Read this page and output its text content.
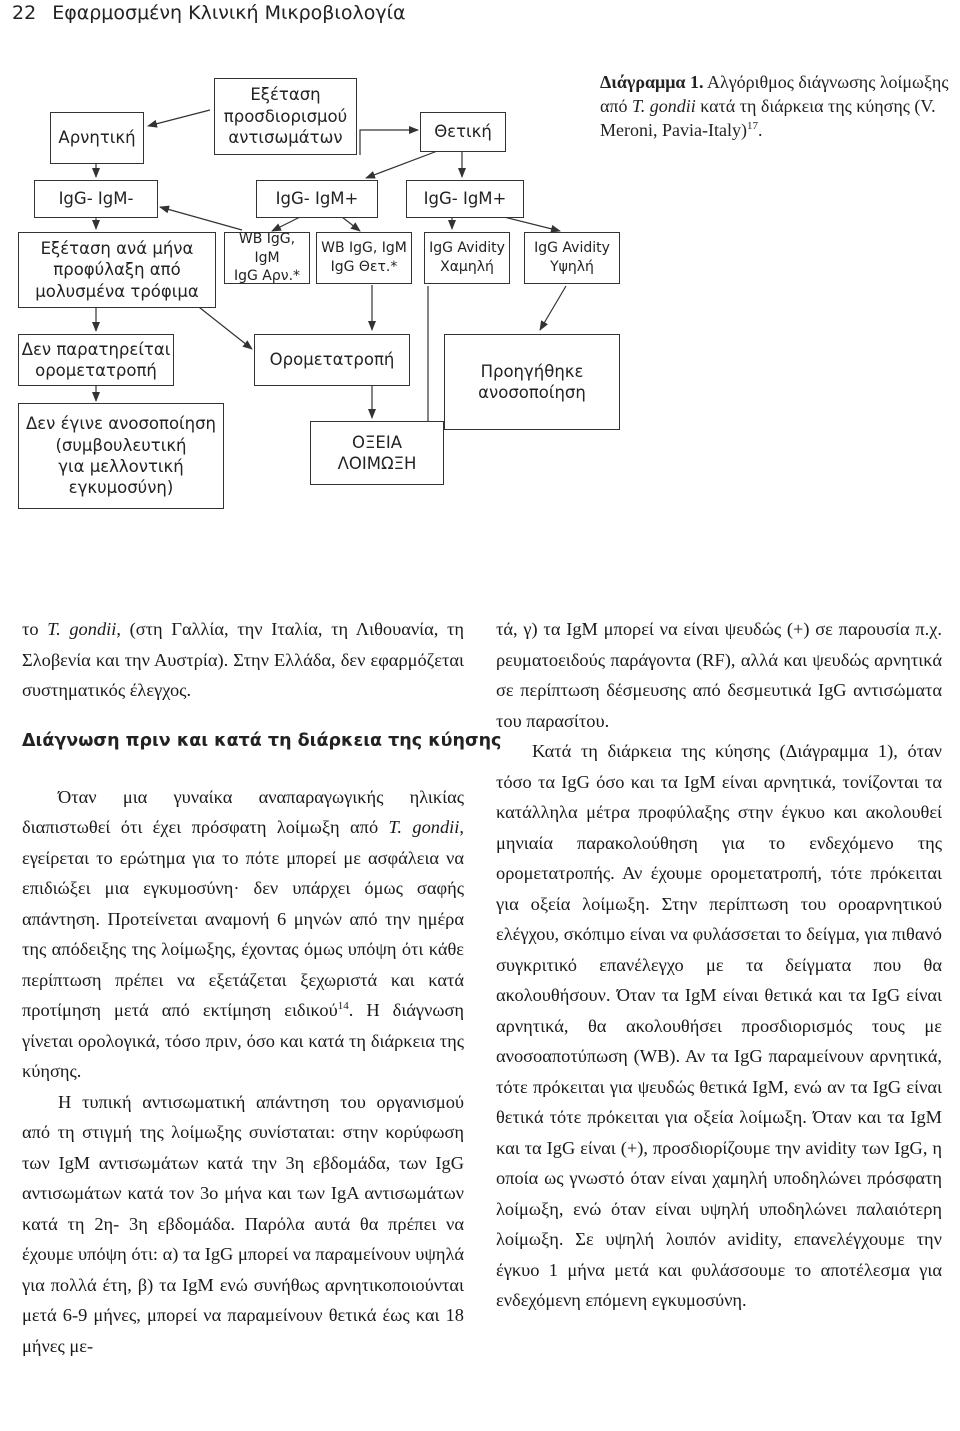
22 Εφαρμοσμένη Κλινική Μικροβιολογία
Αρνητική
Εξέταση
προσδιορισμού
αντισωμάτων	Θετική
IgG- IgM-	IgG- IgM+	IgG- IgM+
Εξέταση ανά μήνα
προφύλαξη από
μολυσμένα τρόφιμα
WB IgG, IgM
IgG Αρν.*
WB IgG, IgM
IgG Θετ.*
IgG Avidity
Χαμηλή
IgG Avidity
Υψηλή
Δεν παρατηρείται
ορομετατροπή
Ορομετατροπή
Προηγήθηκε
ανοσοποίηση
Δεν έγινε ανοσοποίηση
(συμβουλευτική
για μελλοντική
εγκυμοσύνη)
ΟΞΕΙΑ
ΛΟΙΜΩΞΗ
Διάγραμμα 1. Αλγόριθμος διάγνωσης λοίμωξης από T. gondii κατά τη διάρκεια της κύησης (V. Meroni, Pavia-Italy)$^{17}$.

το T. gondii, (στη Γαλλία, την Ιταλία, τη Λιθουανία, τη Σλοβενία και την Αυστρία). Στην Ελλάδα, δεν εφαρμόζεται συστηματικός έλεγχος.

Διάγνωση πριν και κατά τη διάρκεια της κύησης

Όταν μια γυναίκα αναπαραγωγικής ηλικίας διαπιστωθεί ότι έχει πρόσφατη λοίμωξη από T. gondii, εγείρεται το ερώτημα για το πότε μπορεί με ασφάλεια να επιδιώξει μια εγκυμοσύνη· δεν υπάρχει όμως σαφής απάντηση. Προτείνεται αναμονή 6 μηνών από την ημέρα της απόδειξης της λοίμωξης, έχοντας όμως υπόψη ότι κάθε περίπτωση πρέπει να εξετάζεται ξεχωριστά και κατά προτίμηση μετά από εκτίμηση ειδικού$^{14}$. Η διάγνωση γίνεται ορολογικά, τόσο πριν, όσο και κατά τη διάρκεια της κύησης.

Η τυπική αντισωματική απάντηση του οργανισμού από τη στιγμή της λοίμωξης συνίσταται: στην κορύφωση των IgM αντισωμάτων κατά την 3η εβδομάδα, των IgG αντισωμάτων κατά τον 3ο μήνα και των IgA αντισωμάτων κατά τη 2η- 3η εβδομάδα. Παρόλα αυτά θα πρέπει να έχουμε υπόψη ότι: α) τα IgG μπορεί να παραμείνουν υψηλά για πολλά έτη, β) τα IgM ενώ συνήθως αρνητικοποιούνται μετά 6-9 μήνες, μπορεί να παραμείνουν θετικά έως και 18 μήνες με-

τά, γ) τα IgM μπορεί να είναι ψευδώς (+) σε παρουσία π.χ. ρευματοειδούς παράγοντα (RF), αλλά και ψευδώς αρνητικά σε περίπτωση δέσμευσης από δεσμευτικά IgG αντισώματα του παρασίτου.

Κατά τη διάρκεια της κύησης (Διάγραμμα 1), όταν τόσο τα IgG όσο και τα IgM είναι αρνητικά, τονίζονται τα κατάλληλα μέτρα προφύλαξης στην έγκυο και ακολουθεί μηνιαία παρακολούθηση για το ενδεχόμενο της ορομετατροπής. Αν έχουμε ορομετατροπή, τότε πρόκειται για οξεία λοίμωξη. Στην περίπτωση του οροαρνητικού ελέγχου, σκόπιμο είναι να φυλάσσεται το δείγμα, για πιθανό συγκριτικό επανέλεγχο με τα δείγματα που θα ακολουθήσουν. Όταν τα IgM είναι θετικά και τα IgG είναι αρνητικά, θα ακολουθήσει προσδιορισμός τους με ανοσοαποτύπωση (WB). Αν τα IgG παραμείνουν αρνητικά, τότε πρόκειται για ψευδώς θετικά IgM, ενώ αν τα IgG είναι θετικά τότε πρόκειται για οξεία λοίμωξη. Όταν και τα IgM και τα IgG είναι (+), προσδιορίζουμε την avidity των IgG, η οποία ως γνωστό όταν είναι χαμηλή υποδηλώνει πρόσφατη λοίμωξη, ενώ όταν είναι υψηλή υποδηλώνει παλαιότερη λοίμωξη. Σε υψηλή λοιπόν avidity, επανελέγχουμε την έγκυο 1 μήνα μετά και φυλάσσουμε το αποτέλεσμα για ενδεχόμενη επόμενη εγκυμοσύνη.
